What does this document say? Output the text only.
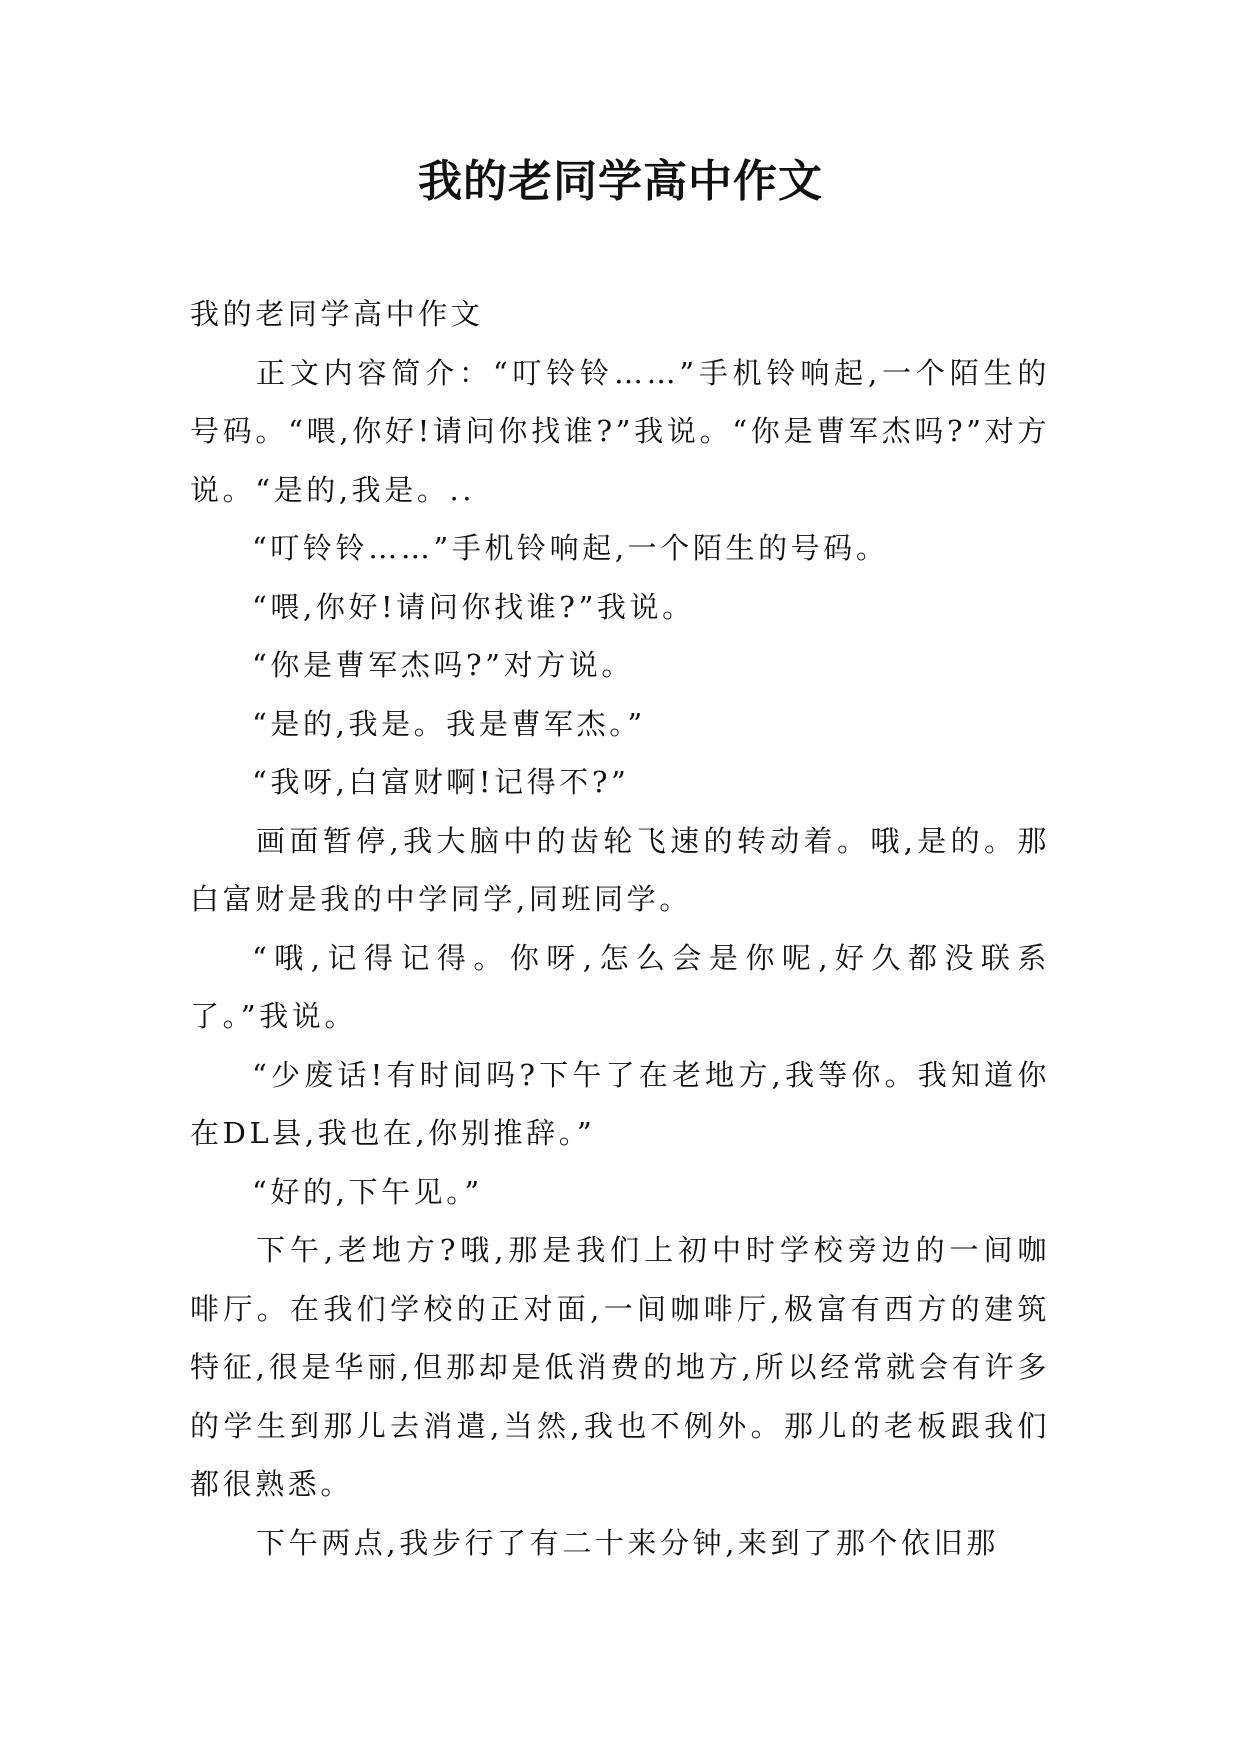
我的老同学高中作文

我的老同学高中作文

正文内容简介：“叮铃铃……”手机铃响起,一个陌生的号码。“喂,你好!请问你找谁?”我说。“你是曹军杰吗?”对方说。“是的,我是。..

“叮铃铃……”手机铃响起,一个陌生的号码。

“喂,你好!请问你找谁?”我说。

“你是曹军杰吗?”对方说。

“是的,我是。我是曹军杰。”

“我呀,白富财啊!记得不?”

画面暂停,我大脑中的齿轮飞速的转动着。哦,是的。那白富财是我的中学同学,同班同学。

“哦,记得记得。你呀,怎么会是你呢,好久都没联系了。”我说。

“少废话!有时间吗?下午了在老地方,我等你。我知道你在DL县,我也在,你别推辞。”

“好的,下午见。”

下午,老地方?哦,那是我们上初中时学校旁边的一间咖啡厅。在我们学校的正对面,一间咖啡厅,极富有西方的建筑特征,很是华丽,但那却是低消费的地方,所以经常就会有许多的学生到那儿去消遣,当然,我也不例外。那儿的老板跟我们都很熟悉。

下午两点,我步行了有二十来分钟,来到了那个依旧那
